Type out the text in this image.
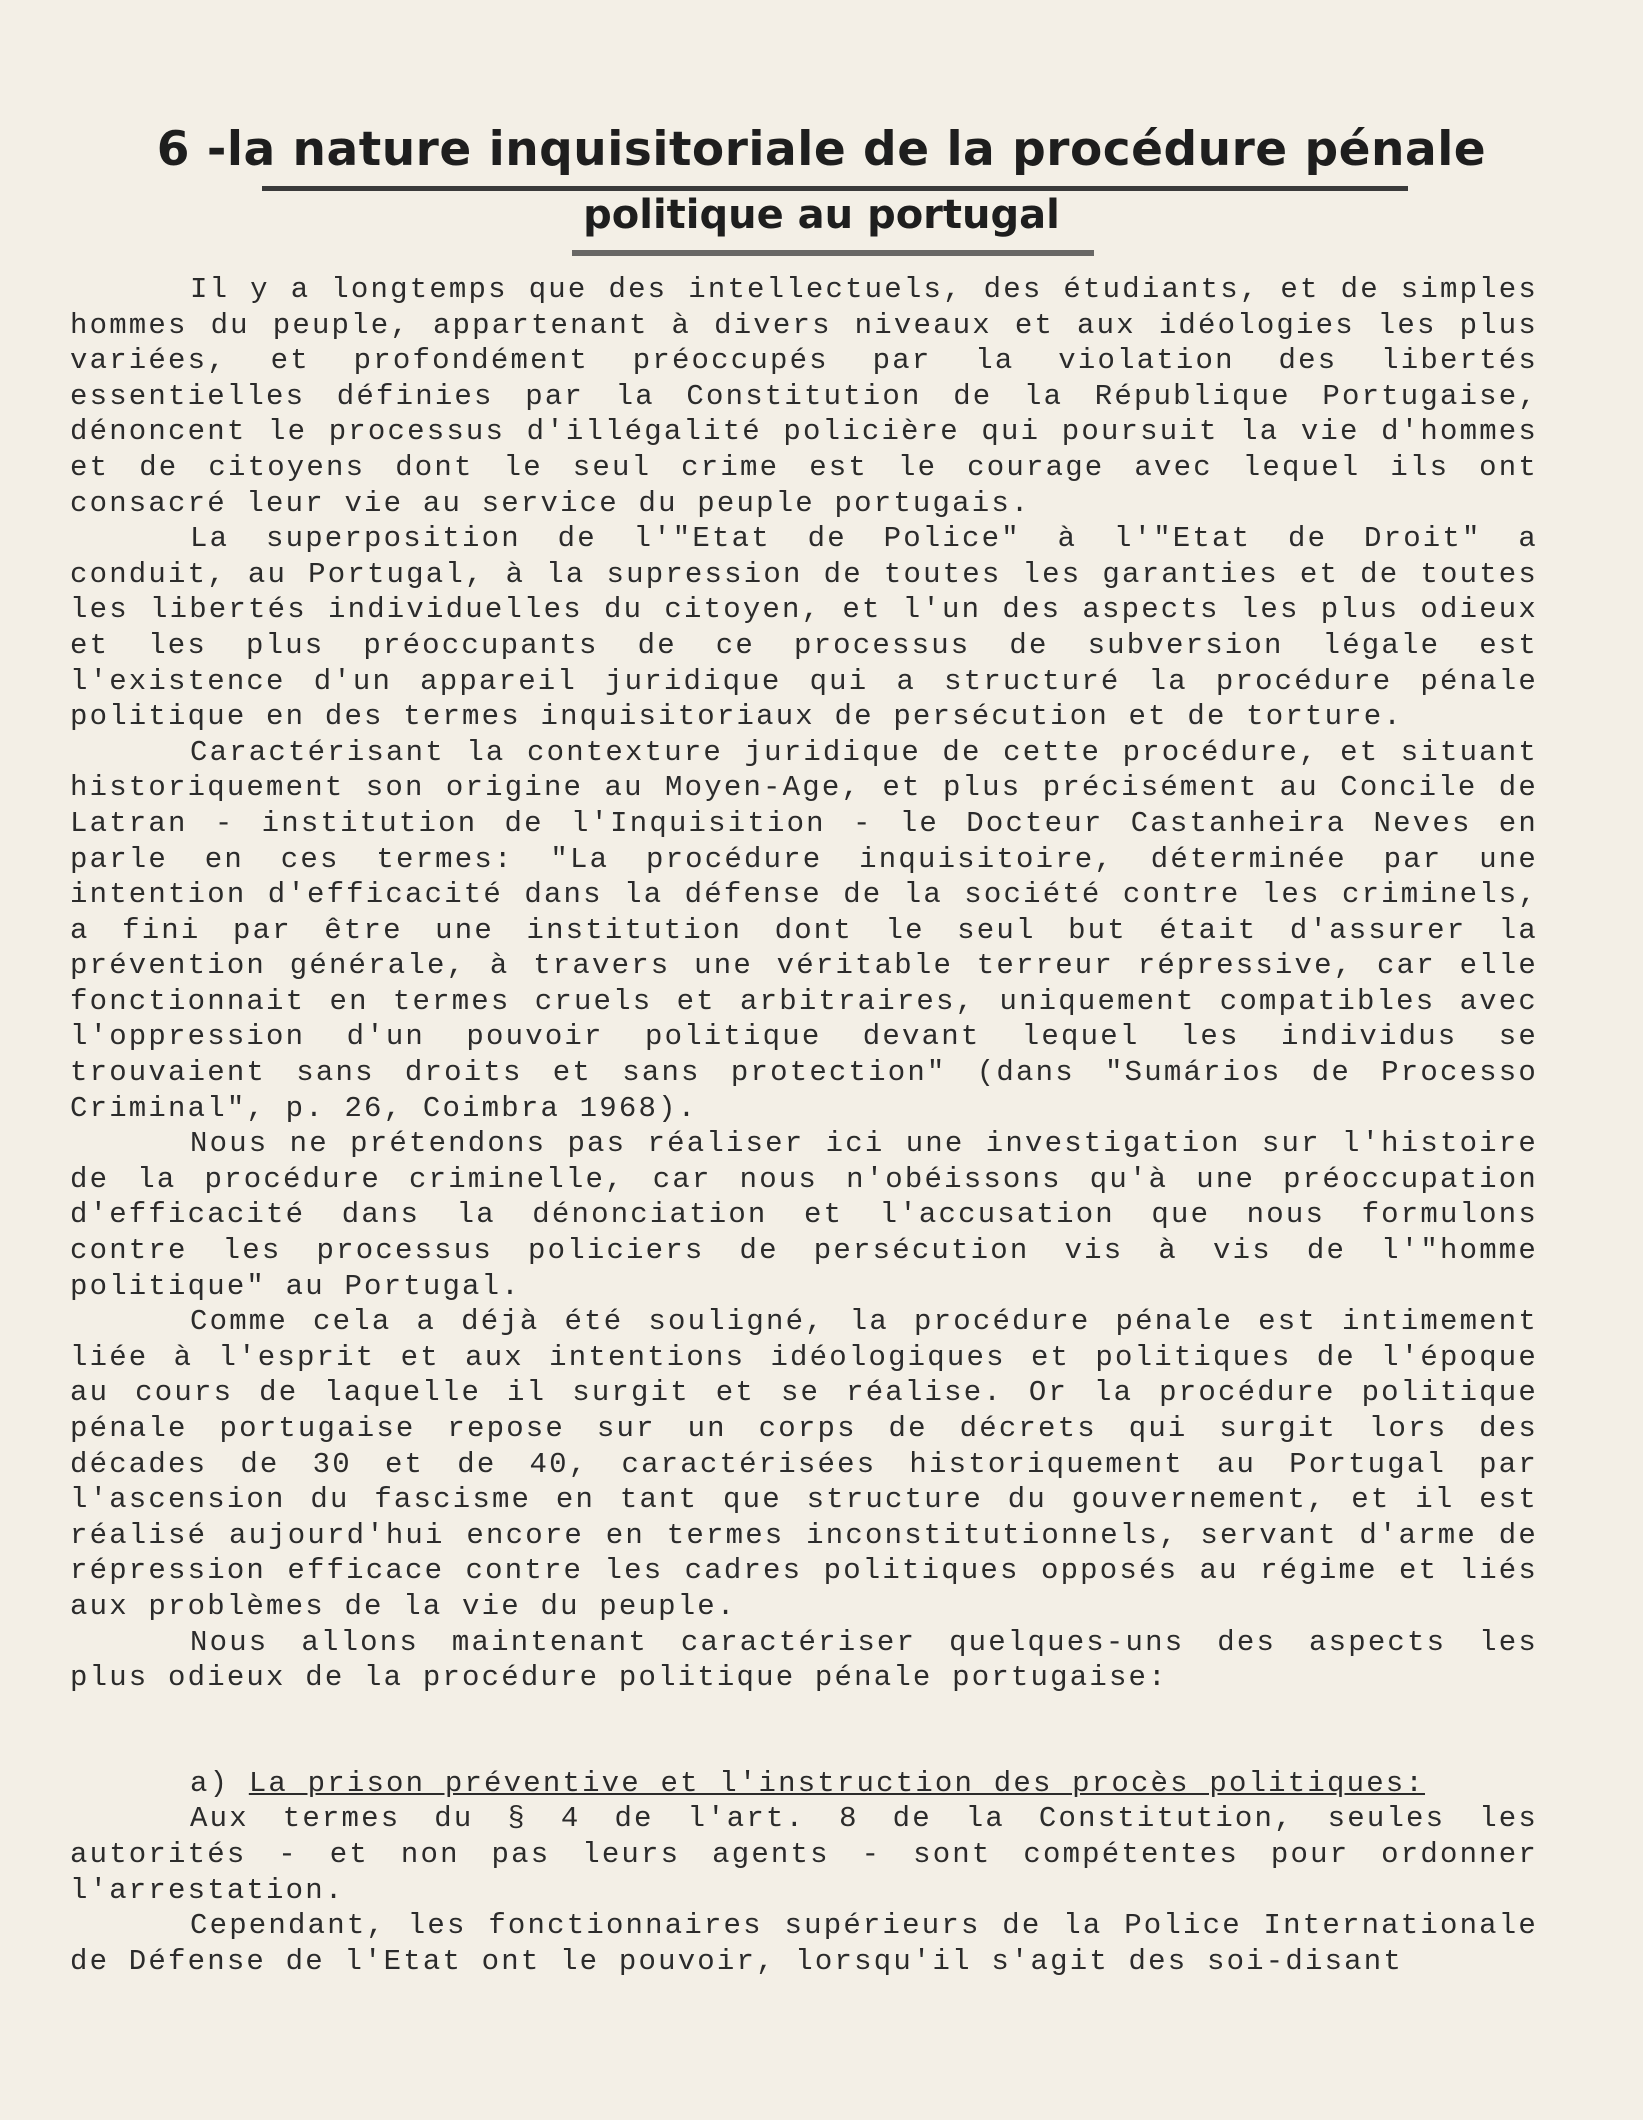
6 -la nature inquisitoriale de la procédure pénale
politique au portugal

Il y a longtemps que des intellectuels, des étudiants, et de simples hommes du peuple, appartenant à divers niveaux et aux idéologies les plus variées, et profondément préoccupés par la violation des libertés essentielles définies par la Constitution de la République Portugaise, dénoncent le processus d'illégalité policière qui poursuit la vie d'hommes et de citoyens dont le seul crime est le courage avec lequel ils ont consacré leur vie au service du peuple portugais.

La superposition de l'"Etat de Police" à l'"Etat de Droit" a conduit, au Portugal, à la supression de toutes les garanties et de toutes les libertés individuelles du citoyen, et l'un des aspects les plus odieux et les plus préoccupants de ce processus de subversion légale est l'existence d'un appareil juridique qui a structuré la procédure pénale politique en des termes inquisitoriaux de persécution et de torture.

Caractérisant la contexture juridique de cette procédure, et situant historiquement son origine au Moyen-Age, et plus précisément au Concile de Latran - institution de l'Inquisition - le Docteur Castanheira Neves en parle en ces termes: "La procédure inquisitoire, déterminée par une intention d'efficacité dans la défense de la société contre les criminels, a fini par être une institution dont le seul but était d'assurer la prévention générale, à travers une véritable terreur répressive, car elle fonctionnait en termes cruels et arbitraires, uniquement compatibles avec l'oppression d'un pouvoir politique devant lequel les individus se trouvaient sans droits et sans protection" (dans "Sumários de Processo Criminal", p. 26, Coimbra 1968).

Nous ne prétendons pas réaliser ici une investigation sur l'histoire de la procédure criminelle, car nous n'obéissons qu'à une préoccupation d'efficacité dans la dénonciation et l'accusation que nous formulons contre les processus policiers de persécution vis à vis de l'"homme politique" au Portugal.

Comme cela a déjà été souligné, la procédure pénale est intimement liée à l'esprit et aux intentions idéologiques et politiques de l'époque au cours de laquelle il surgit et se réalise. Or la procédure politique pénale portugaise repose sur un corps de décrets qui surgit lors des décades de 30 et de 40, caractérisées historiquement au Portugal par l'ascension du fascisme en tant que structure du gouvernement, et il est réalisé aujourd'hui encore en termes inconstitutionnels, servant d'arme de répression efficace contre les cadres politiques opposés au régime et liés aux problèmes de la vie du peuple.

Nous allons maintenant caractériser quelques-uns des aspects les plus odieux de la procédure politique pénale portugaise:

a) La prison préventive et l'instruction des procès politiques:

Aux termes du § 4 de l'art. 8 de la Constitution, seules les autorités - et non pas leurs agents - sont compétentes pour ordonner l'arrestation.

Cependant, les fonctionnaires supérieurs de la Police Internationale de Défense de l'Etat ont le pouvoir, lorsqu'il s'agit des soi-disant
